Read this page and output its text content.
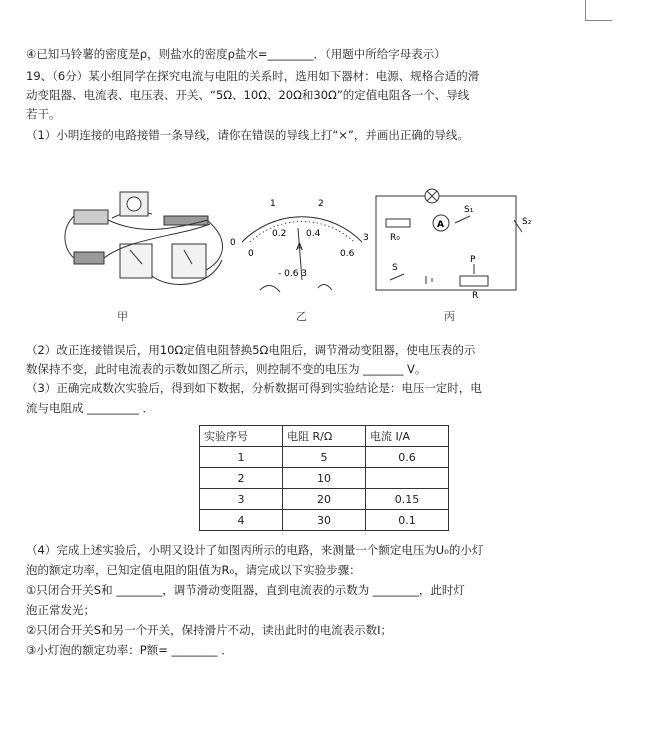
④已知马铃薯的密度是ρ，则盐水的密度ρ盐水=________．（用题中所给字母表示）
19、（6分）某小组同学在探究电流与电阻的关系时，选用如下器材：电源、规格合适的滑
动变阻器、电流表、电压表、开关、“5Ω、10Ω、20Ω和30Ω”的定值电阻各一个、导线
若干。
（1）小明连接的电路接错一条导线，请你在错误的导线上打“×”，并画出正确的导线。
甲
0
1	2
3
0
0.2 0.4
0.6
A
- 0.6 3
乙
R₀
A
S₁
S₂
S
P
R
丙
（2）改正连接错误后，用10Ω定值电阻替换5Ω电阻后，调节滑动变阻器，使电压表的示
数保持不变，此时电流表的示数如图乙所示，则控制不变的电压为 _______ V。
（3）正确完成数次实验后，得到如下数据，分析数据可得到实验结论是：电压一定时，电
流与电阻成 _________ ．
实验序号	电阻 R/Ω	电流 I/A
1	5	0.6
2	10	
3	20	0.15
4	30	0.1
（4）完成上述实验后，小明又设计了如图丙所示的电路，来测量一个额定电压为U₀的小灯
泡的额定功率，已知定值电阻的阻值为R₀，请完成以下实验步骤：
①只闭合开关S和 ________，调节滑动变阻器，直到电流表的示数为 ________，此时灯
泡正常发光；
②只闭合开关S和另一个开关，保持滑片不动，读出此时的电流表示数I；
③小灯泡的额定功率：P额= ________ ．
